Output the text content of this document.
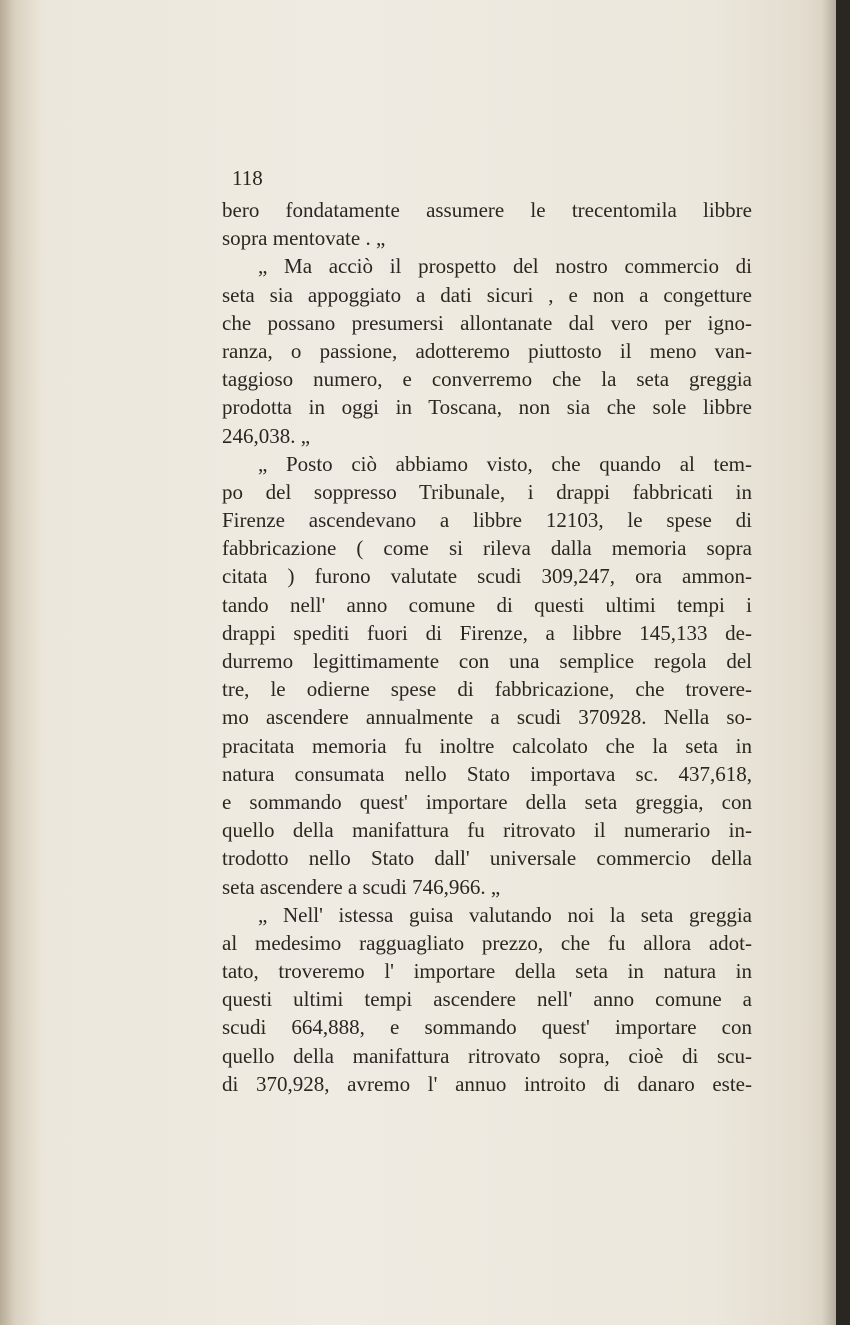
118
bero fondatamente assumere le trecentomila libbre
sopra mentovate . „
„ Ma acciò il prospetto del nostro commercio di
seta sia appoggiato a dati sicuri , e non a congetture
che possano presumersi allontanate dal vero per igno-
ranza, o passione, adotteremo piuttosto il meno van-
taggioso numero, e converremo che la seta greggia
prodotta in oggi in Toscana, non sia che sole libbre
246,038. „
„ Posto ciò abbiamo visto, che quando al tem-
po del soppresso Tribunale, i drappi fabbricati in
Firenze ascendevano a libbre 12103, le spese di
fabbricazione ( come si rileva dalla memoria sopra
citata ) furono valutate scudi 309,247, ora ammon-
tando nell' anno comune di questi ultimi tempi i
drappi spediti fuori di Firenze, a libbre 145,133 de-
durremo legittimamente con una semplice regola del
tre, le odierne spese di fabbricazione, che trovere-
mo ascendere annualmente a scudi 370928. Nella so-
pracitata memoria fu inoltre calcolato che la seta in
natura consumata nello Stato importava sc. 437,618,
e sommando quest' importare della seta greggia, con
quello della manifattura fu ritrovato il numerario in-
trodotto nello Stato dall' universale commercio della
seta ascendere a scudi 746,966. „
„ Nell' istessa guisa valutando noi la seta greggia
al medesimo ragguagliato prezzo, che fu allora adot-
tato, troveremo l' importare della seta in natura in
questi ultimi tempi ascendere nell' anno comune a
scudi 664,888, e sommando quest' importare con
quello della manifattura ritrovato sopra, cioè di scu-
di 370,928, avremo l' annuo introito di danaro este-
